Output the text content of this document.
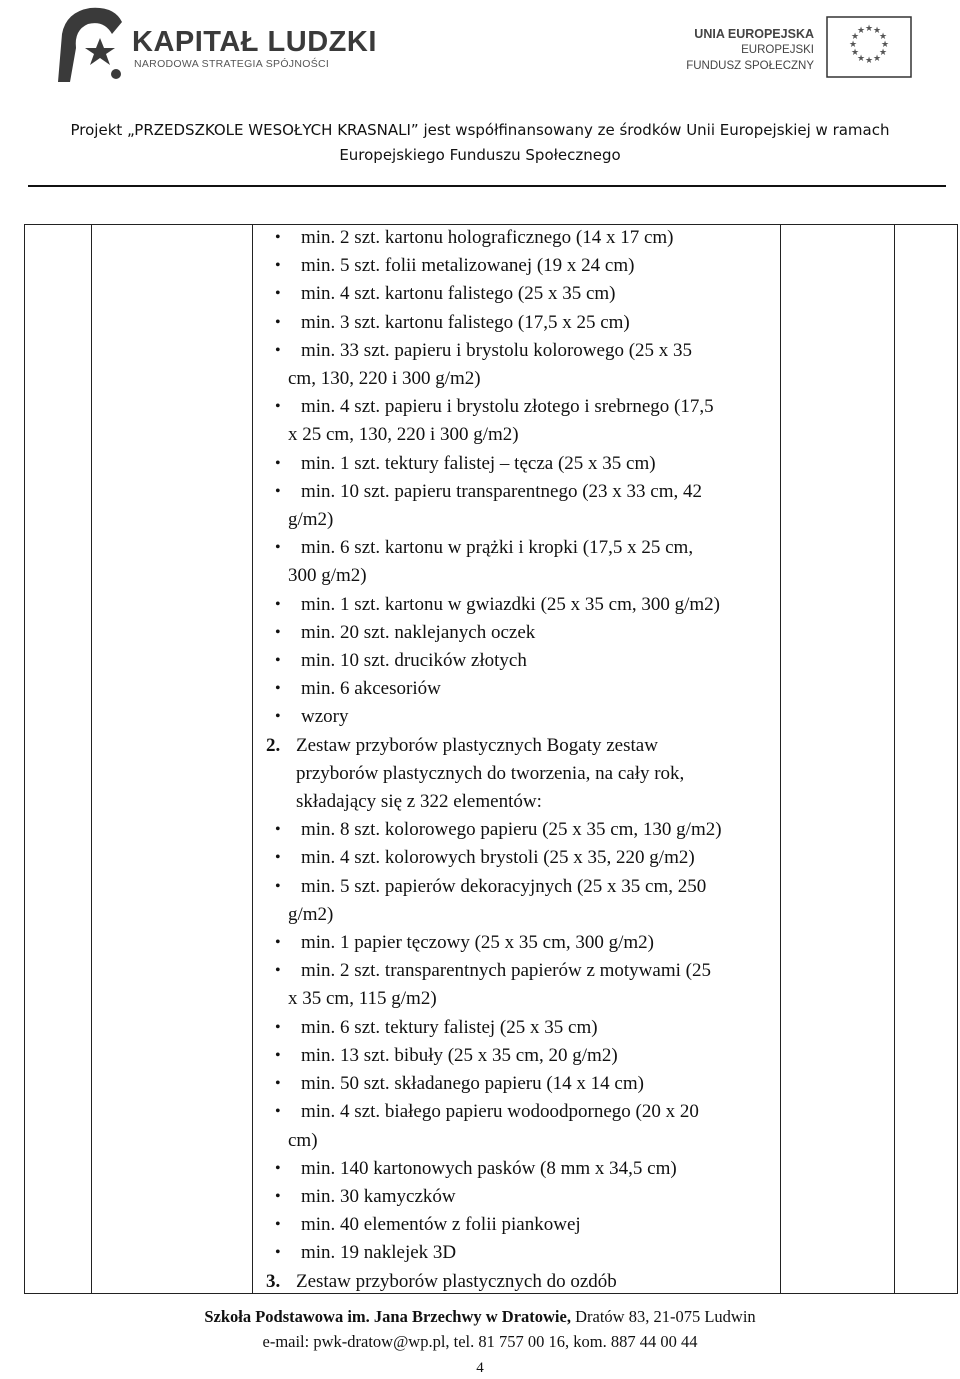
KAPITAŁ LUDZKI
NARODOWA STRATEGIA SPÓJNOŚCI
UNIA EUROPEJSKA
EUROPEJSKI
FUNDUSZ SPOŁECZNY
★ ★
★
★
★
★
★
★
★
★
★
★
Projekt „PRZEDSZKOLE WESOŁYCH KRASNALI” jest współfinansowany ze środków Unii Europejskiej w ramach
Europejskiego Funduszu Społecznego
• min. 2 szt. kartonu holograficznego (14 x 17 cm)
• min. 5 szt. folii metalizowanej (19 x 24 cm)
• min. 4 szt. kartonu falistego (25 x 35 cm)
• min. 3 szt. kartonu falistego (17,5 x 25 cm)
• min. 33 szt. papieru i brystolu kolorowego (25 x 35
cm, 130, 220 i 300 g/m2)
• min. 4 szt. papieru i brystolu złotego i srebrnego (17,5
x 25 cm, 130, 220 i 300 g/m2)
• min. 1 szt. tektury falistej – tęcza (25 x 35 cm)
• min. 10 szt. papieru transparentnego (23 x 33 cm, 42
g/m2)
• min. 6 szt. kartonu w prążki i kropki (17,5 x 25 cm,
300 g/m2)
• min. 1 szt. kartonu w gwiazdki (25 x 35 cm, 300 g/m2)
• min. 20 szt. naklejanych oczek
• min. 10 szt. drucików złotych
• min. 6 akcesoriów
• wzory
2. Zestaw przyborów plastycznych Bogaty zestaw
przyborów plastycznych do tworzenia, na cały rok,
składający się z 322 elementów:
• min. 8 szt. kolorowego papieru (25 x 35 cm, 130 g/m2)
• min. 4 szt. kolorowych brystoli (25 x 35, 220 g/m2)
• min. 5 szt. papierów dekoracyjnych (25 x 35 cm, 250
g/m2)
• min. 1 papier tęczowy (25 x 35 cm, 300 g/m2)
• min. 2 szt. transparentnych papierów z motywami (25
x 35 cm, 115 g/m2)
• min. 6 szt. tektury falistej (25 x 35 cm)
• min. 13 szt. bibuły (25 x 35 cm, 20 g/m2)
• min. 50 szt. składanego papieru (14 x 14 cm)
• min. 4 szt. białego papieru wodoodpornego (20 x 20
cm)
• min. 140 kartonowych pasków (8 mm x 34,5 cm)
• min. 30 kamyczków
• min. 40 elementów z folii piankowej
• min. 19 naklejek 3D
3. Zestaw przyborów plastycznych do ozdób
Szkoła Podstawowa im. Jana Brzechwy w Dratowie, Dratów 83, 21-075 Ludwin
e-mail: pwk-dratow@wp.pl, tel. 81 757 00 16, kom. 887 44 00 44
4
